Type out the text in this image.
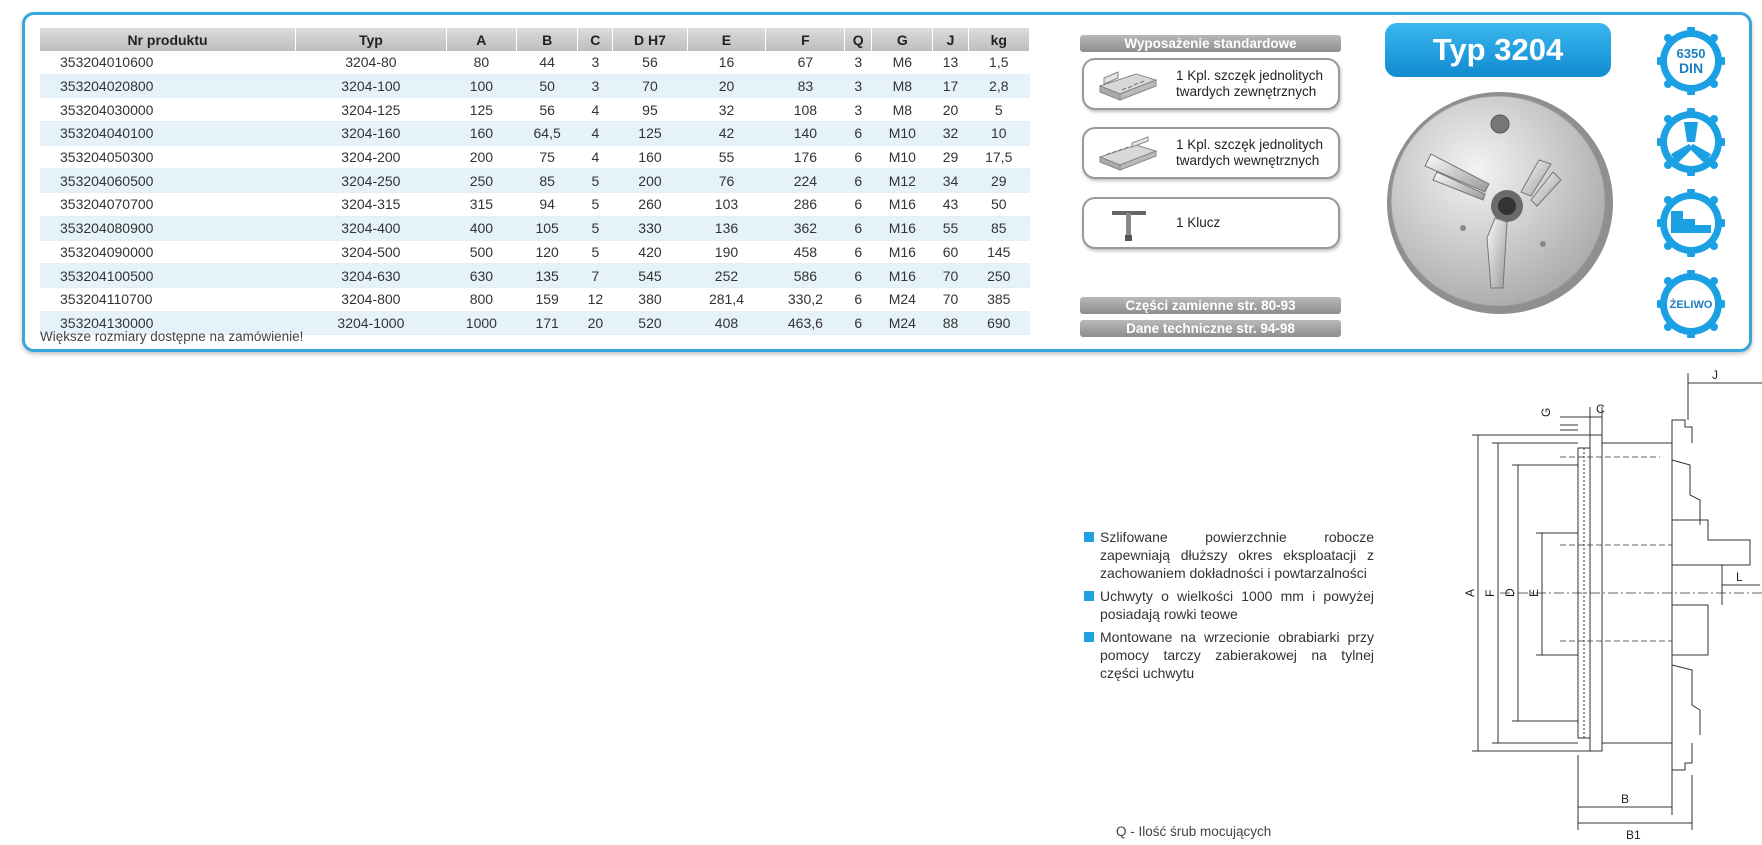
Nr produktu	Typ	A	B	C	D H7	E	F	Q	G	J	kg
353204010600	3204-80	80	44	3	56	16	67	3	M6	13	1,5
353204020800	3204-100	100	50	3	70	20	83	3	M8	17	2,8
353204030000	3204-125	125	56	4	95	32	108	3	M8	20	5
353204040100	3204-160	160	64,5	4	125	42	140	6	M10	32	10
353204050300	3204-200	200	75	4	160	55	176	6	M10	29	17,5
353204060500	3204-250	250	85	5	200	76	224	6	M12	34	29
353204070700	3204-315	315	94	5	260	103	286	6	M16	43	50
353204080900	3204-400	400	105	5	330	136	362	6	M16	55	85
353204090000	3204-500	500	120	5	420	190	458	6	M16	60	145
353204100500	3204-630	630	135	7	545	252	586	6	M16	70	250
353204110700	3204-800	800	159	12	380	281,4	330,2	6	M24	70	385
353204130000	3204-1000	1000	171	20	520	408	463,6	6	M24	88	690
Większe rozmiary dostępne na zamówienie!
Wyposażenie standardowe
1 Kpl. szczęk jednolitych twardych zewnętrznych
1 Kpl. szczęk jednolitych twardych wewnętrznych
1 Klucz
Części zamienne str. 80-93
Dane techniczne str. 94-98
Typ 3204	6350
DIN
ŻELIWO
Szlifowane powierzchnie robocze zapewniają dłuższy okres eksploatacji z zachowaniem dokładności i powtarzalności
Uchwyty o wielkości 1000 mm i powyżej posiadają rowki teowe
Montowane na wrzecionie obrabiarki przy pomocy tarczy zabierakowej na tylnej części uchwytu
Q - Ilość śrub mocujących
J
C
G
A F D E
L
B
B1
